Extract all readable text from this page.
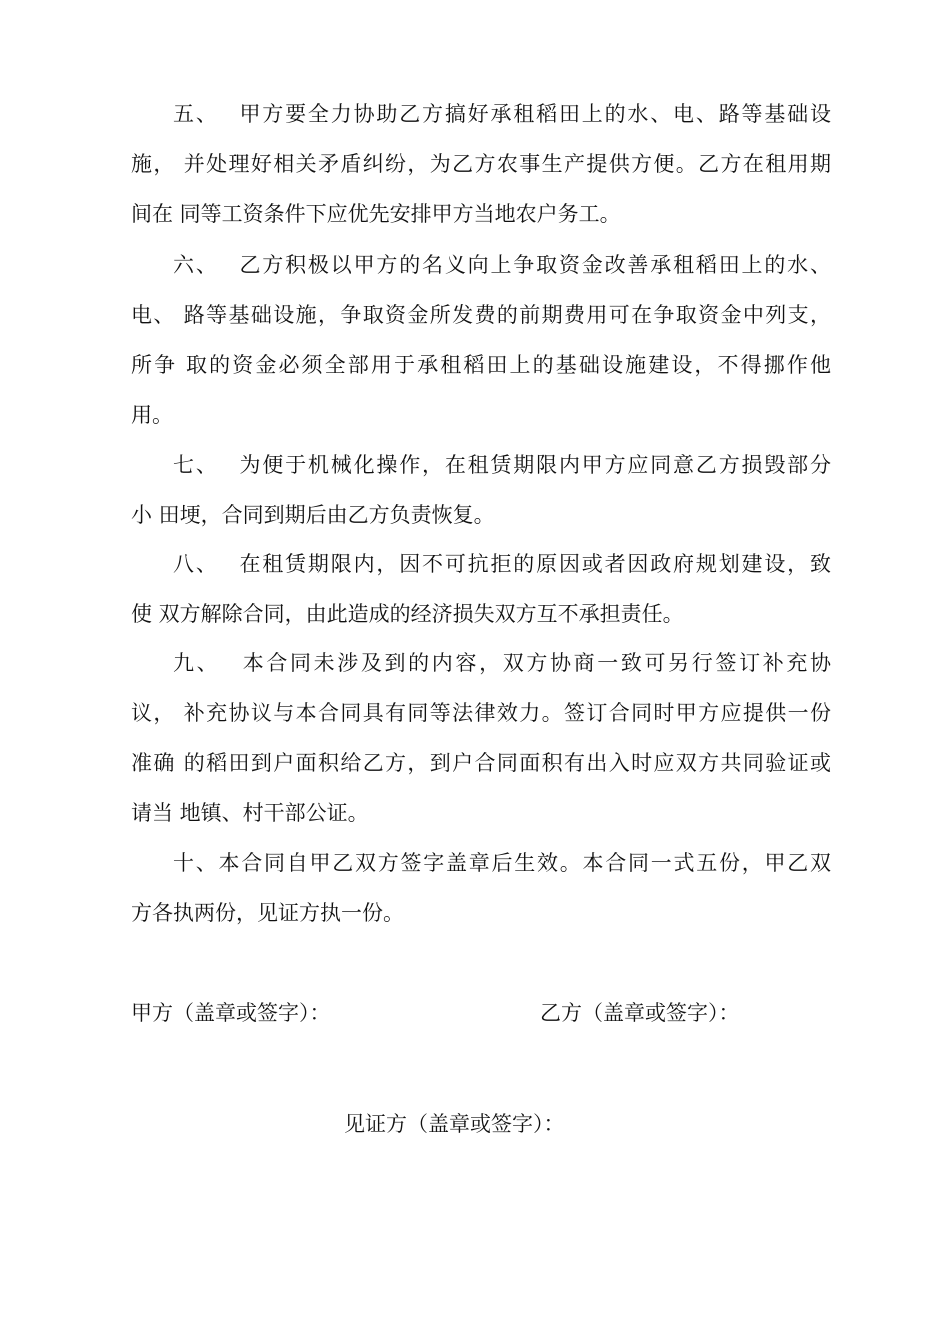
五、　 甲方要全力协助乙方搞好承租稻田上的水、电、路等基础设
施， 并处理好相关矛盾纠纷，为乙方农事生产提供方便。乙方在租用期
间在 同等工资条件下应优先安排甲方当地农户务工。
六、　 乙方积极以甲方的名义向上争取资金改善承租稻田上的水、
电、 路等基础设施，争取资金所发费的前期费用可在争取资金中列支，
所争 取的资金必须全部用于承租稻田上的基础设施建设，不得挪作他
用。
七、　 为便于机械化操作，在租赁期限内甲方应同意乙方损毁部分
小 田埂，合同到期后由乙方负责恢复。
八、　 在租赁期限内，因不可抗拒的原因或者因政府规划建设，致
使 双方解除合同，由此造成的经济损失双方互不承担责任。
九、　 本合同未涉及到的内容，双方协商一致可另行签订补充协
议， 补充协议与本合同具有同等法律效力。签订合同时甲方应提供一份
准确 的稻田到户面积给乙方，到户合同面积有出入时应双方共同验证或
请当 地镇、村干部公证。
十、本合同自甲乙双方签字盖章后生效。本合同一式五份，甲乙双
方各执两份，见证方执一份。
甲方（盖章或签字）：	乙方（盖章或签字）：
见证方（盖章或签字）：
